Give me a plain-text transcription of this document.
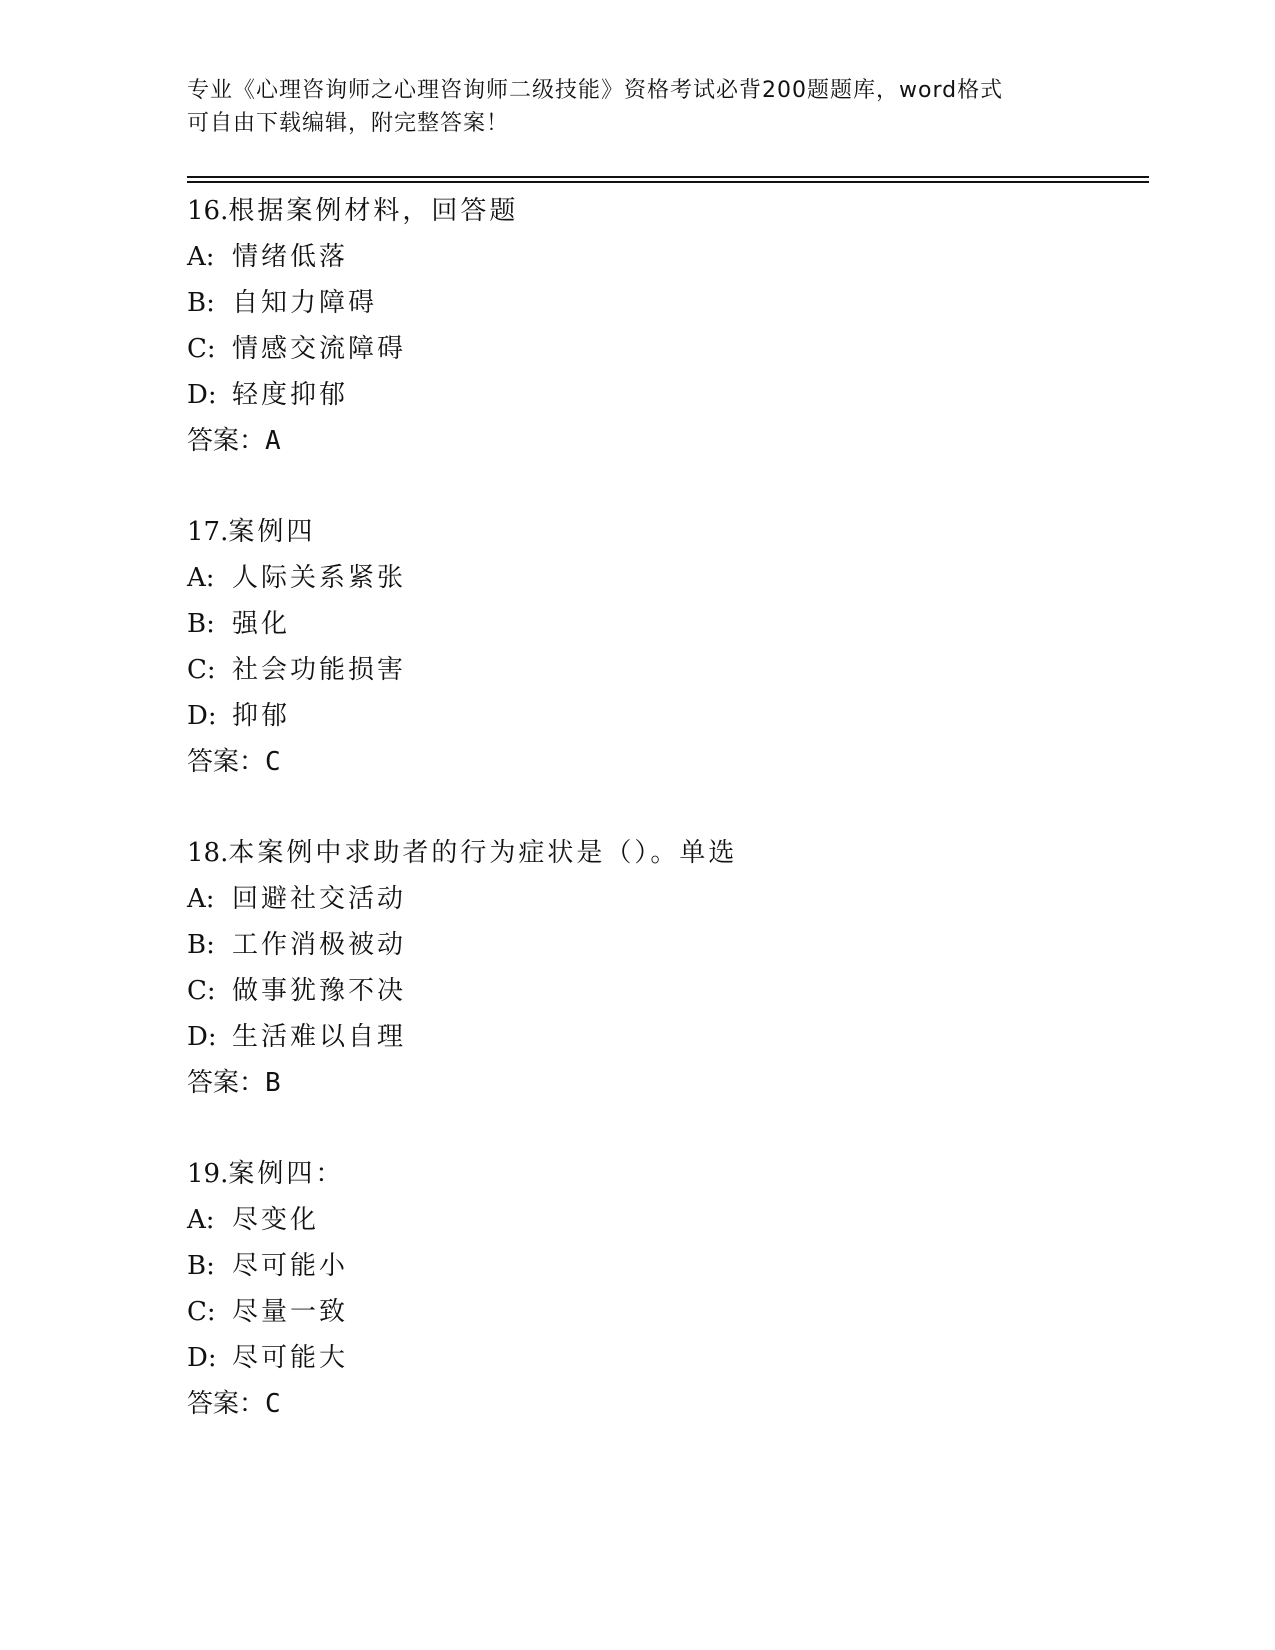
专业《心理咨询师之心理咨询师二级技能》资格考试必背200题题库，word格式
可自由下载编辑，附完整答案！
16.根据案例材料，回答题
A: 情绪低落
B: 自知力障碍
C: 情感交流障碍
D: 轻度抑郁
答案：A
17.案例四
A: 人际关系紧张
B: 强化
C: 社会功能损害
D: 抑郁
答案：C
18.本案例中求助者的行为症状是（）。单选
A: 回避社交活动
B: 工作消极被动
C: 做事犹豫不决
D: 生活难以自理
答案：B
19.案例四：
A: 尽变化
B: 尽可能小
C: 尽量一致
D: 尽可能大
答案：C
